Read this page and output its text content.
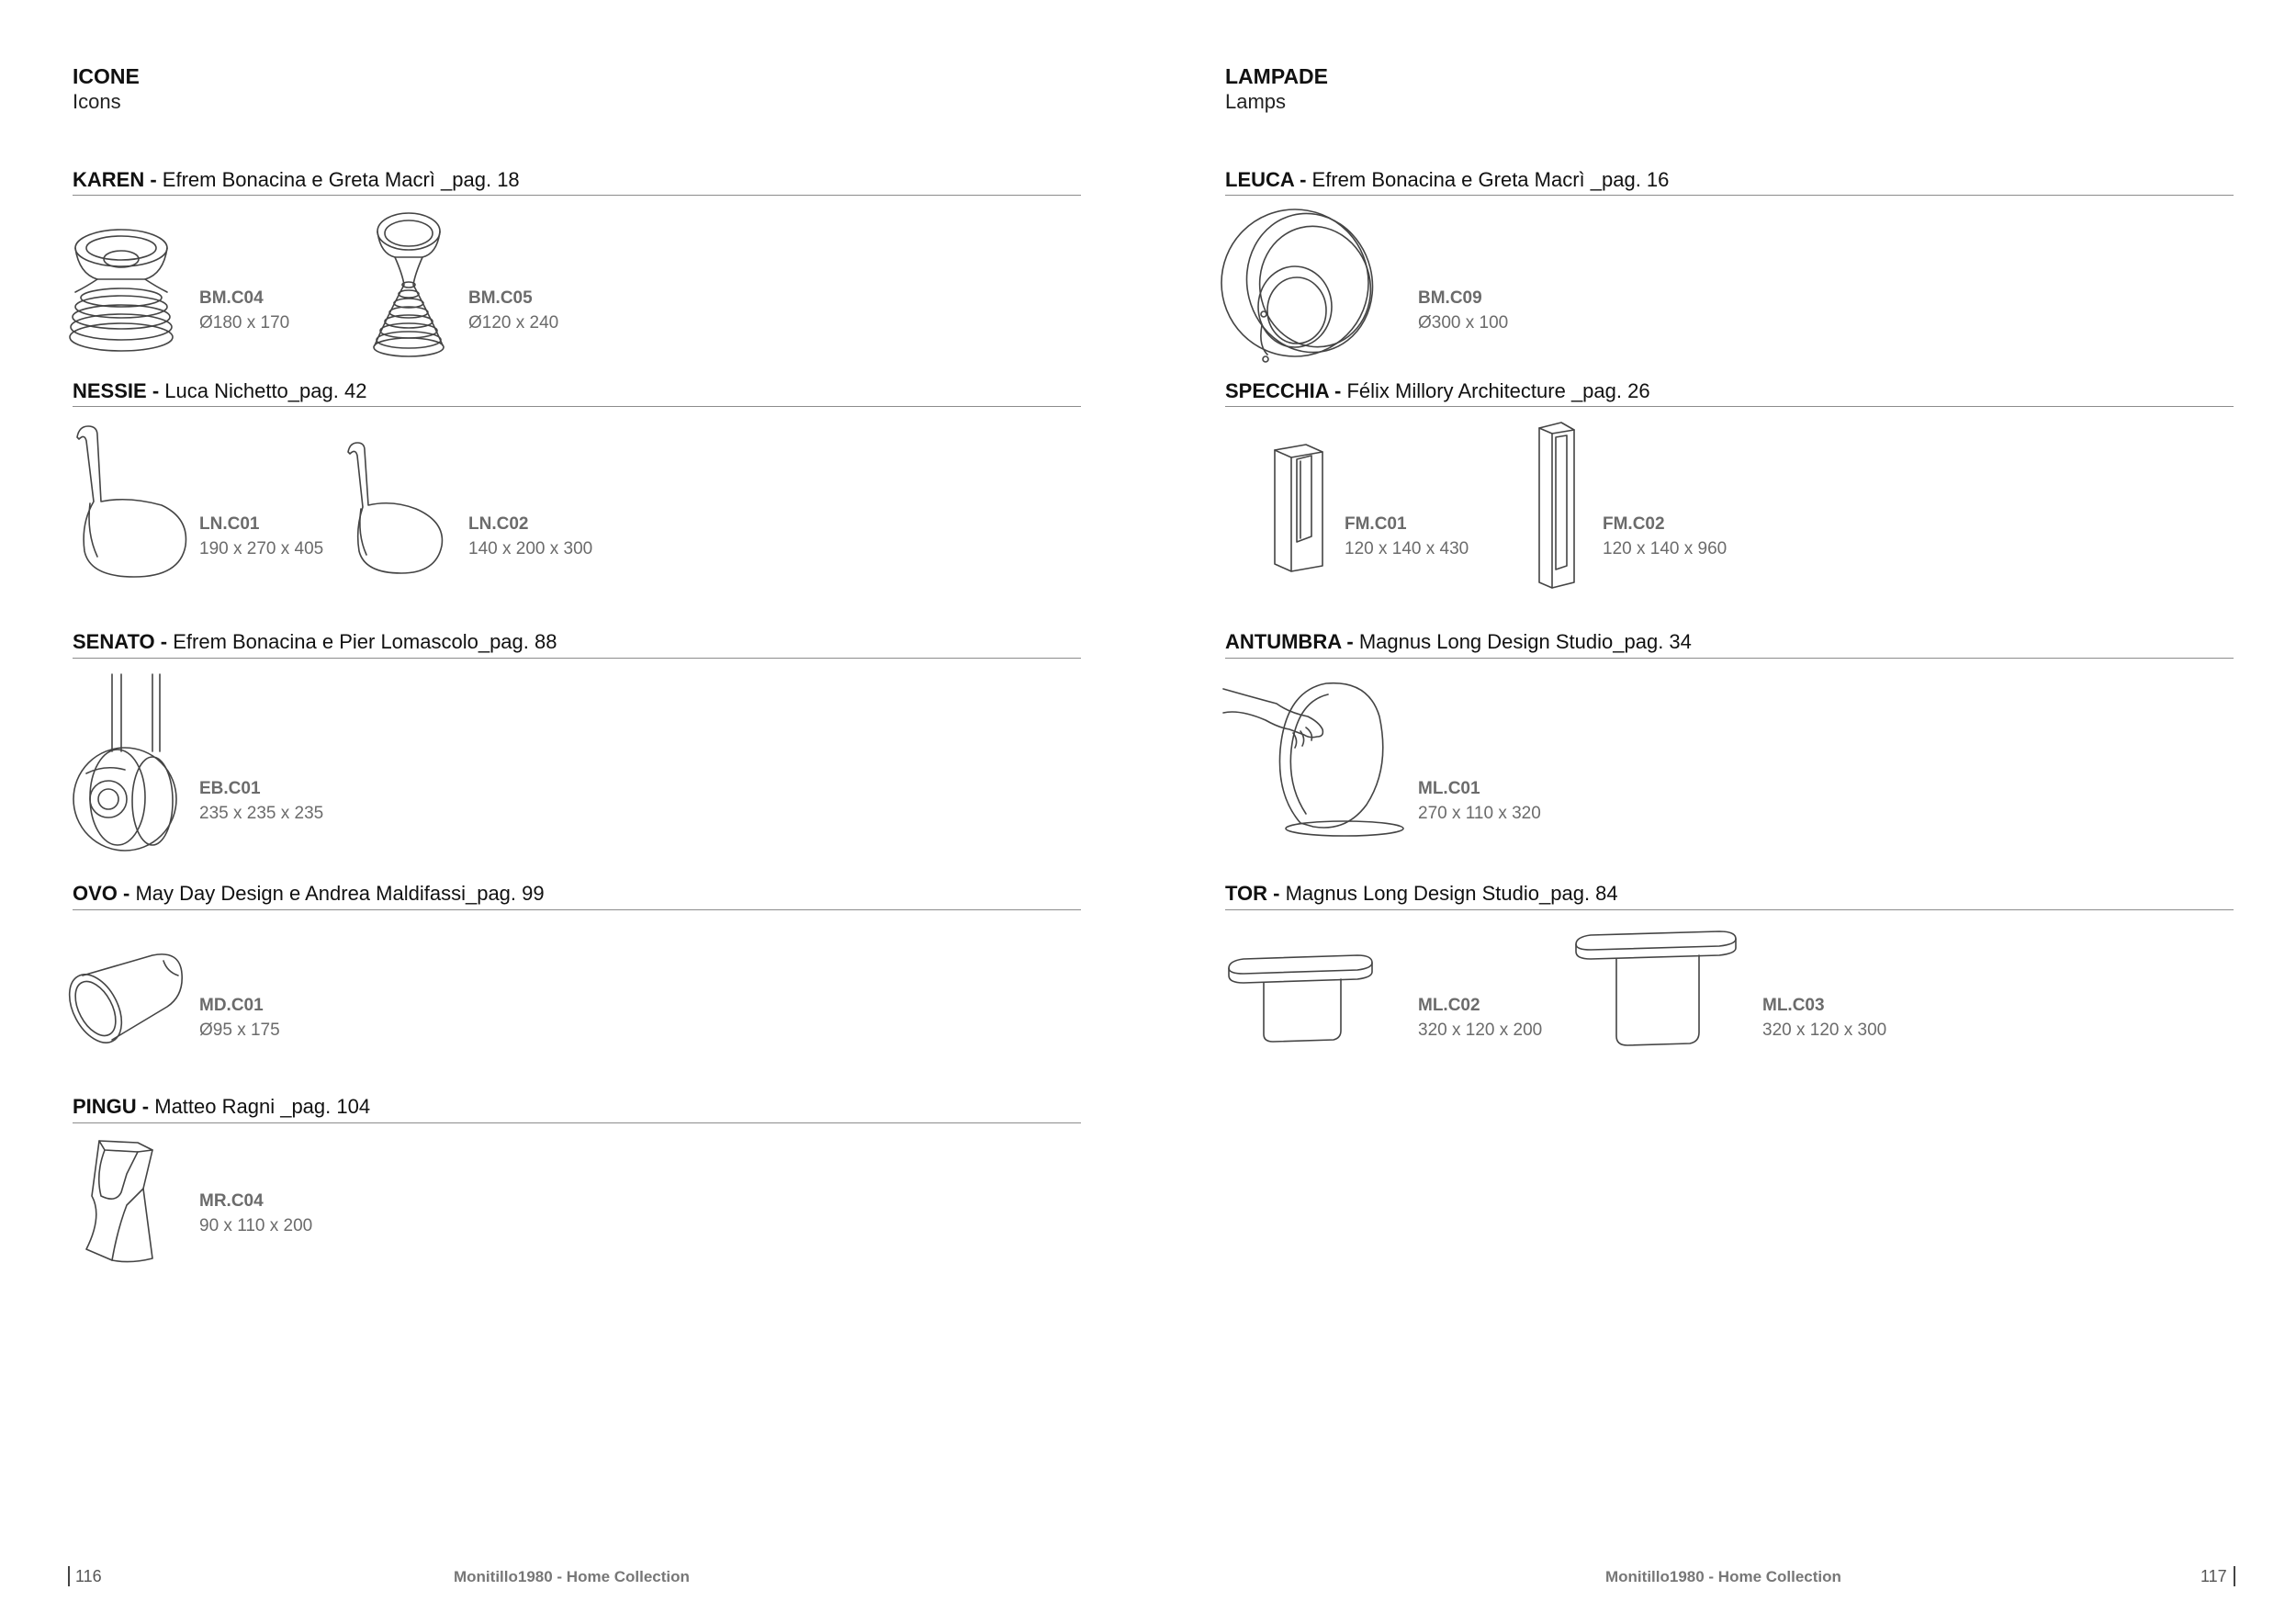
ICONE
Icons
KAREN - Efrem Bonacina e Greta Macrì _pag. 18
BM.C04
Ø180 x 170
BM.C05
Ø120 x 240
NESSIE - Luca Nichetto_pag. 42
LN.C01
190 x 270 x 405
LN.C02
140 x 200 x 300
SENATO - Efrem Bonacina e Pier Lomascolo_pag. 88
EB.C01
235 x 235 x 235
OVO - May Day Design e Andrea Maldifassi_pag. 99
MD.C01
Ø95 x 175
PINGU - Matteo Ragni _pag. 104
MR.C04
90 x 110 x 200
116	Monitillo1980 - Home Collection
LAMPADE
Lamps
LEUCA - Efrem Bonacina e Greta Macrì _pag. 16
BM.C09
Ø300 x 100
SPECCHIA - Félix Millory Architecture _pag. 26
FM.C01
120 x 140 x 430
FM.C02
120 x 140 x 960
ANTUMBRA - Magnus Long Design Studio_pag. 34
ML.C01
270 x 110 x 320
TOR - Magnus Long Design Studio_pag. 84
ML.C02
320 x 120 x 200
ML.C03
320 x 120 x 300
Monitillo1980 - Home Collection	117
